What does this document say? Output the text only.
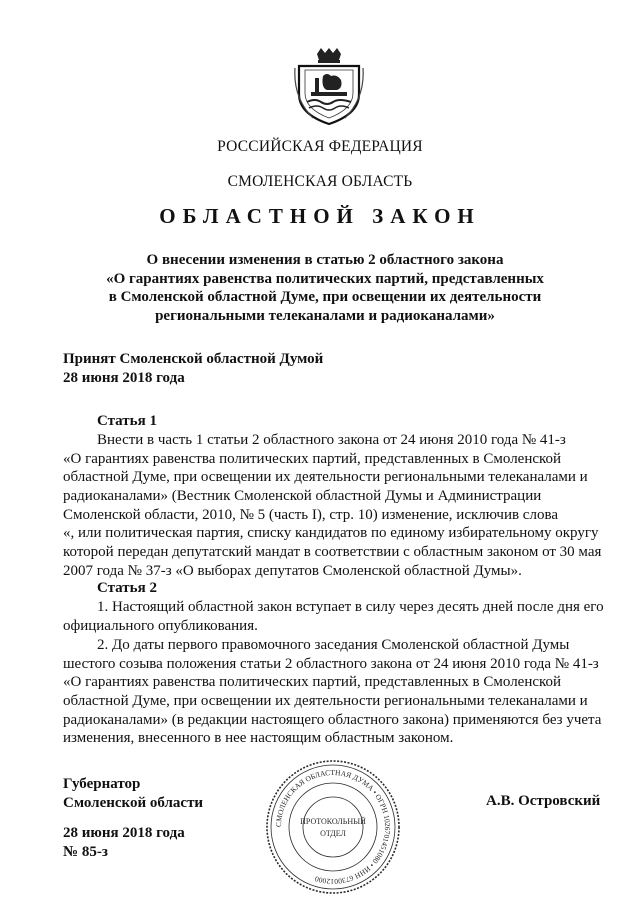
РОССИЙСКАЯ ФЕДЕРАЦИЯ
СМОЛЕНСКАЯ ОБЛАСТЬ
ОБЛАСТНОЙ ЗАКОН
О внесении изменения в статью 2 областного закона
«О гарантиях равенства политических партий, представленных
в Смоленской областной Думе, при освещении их деятельности
региональными телеканалами и радиоканалами»
Принят Смоленской областной Думой
28 июня 2018 года
Статья 1
Внести в часть 1 статьи 2 областного закона от 24 июня 2010 года № 41-з
«О гарантиях равенства политических партий, представленных в Смоленской
областной Думе, при освещении их деятельности региональными телеканалами и
радиоканалами» (Вестник Смоленской областной Думы и Администрации
Смоленской области, 2010, № 5 (часть I), стр. 10) изменение, исключив слова
«, или политическая партия, списку кандидатов по единому избирательному округу
которой передан депутатский мандат в соответствии с областным законом от 30 мая
2007 года № 37-з «О выборах депутатов Смоленской областной Думы».
Статья 2
1. Настоящий областной закон вступает в силу через десять дней после дня его
официального опубликования.
2. До даты первого правомочного заседания Смоленской областной Думы
шестого созыва положения статьи 2 областного закона от 24 июня 2010 года № 41-з
«О гарантиях равенства политических партий, представленных в Смоленской
областной Думе, при освещении их деятельности региональными телеканалами и
радиоканалами» (в редакции настоящего областного закона) применяются без учета
изменения, внесенного в нее настоящим областным законом.
Губернатор
Смоленской области
СМОЛЕНСКАЯ ОБЛАСТНАЯ ДУМА • ОГРН 1026701451080 • ИНН 6730012000
ПРОТОКОЛЬНЫЙ
ОТДЕЛ
А.В. Островский
28 июня 2018 года
№ 85-з
